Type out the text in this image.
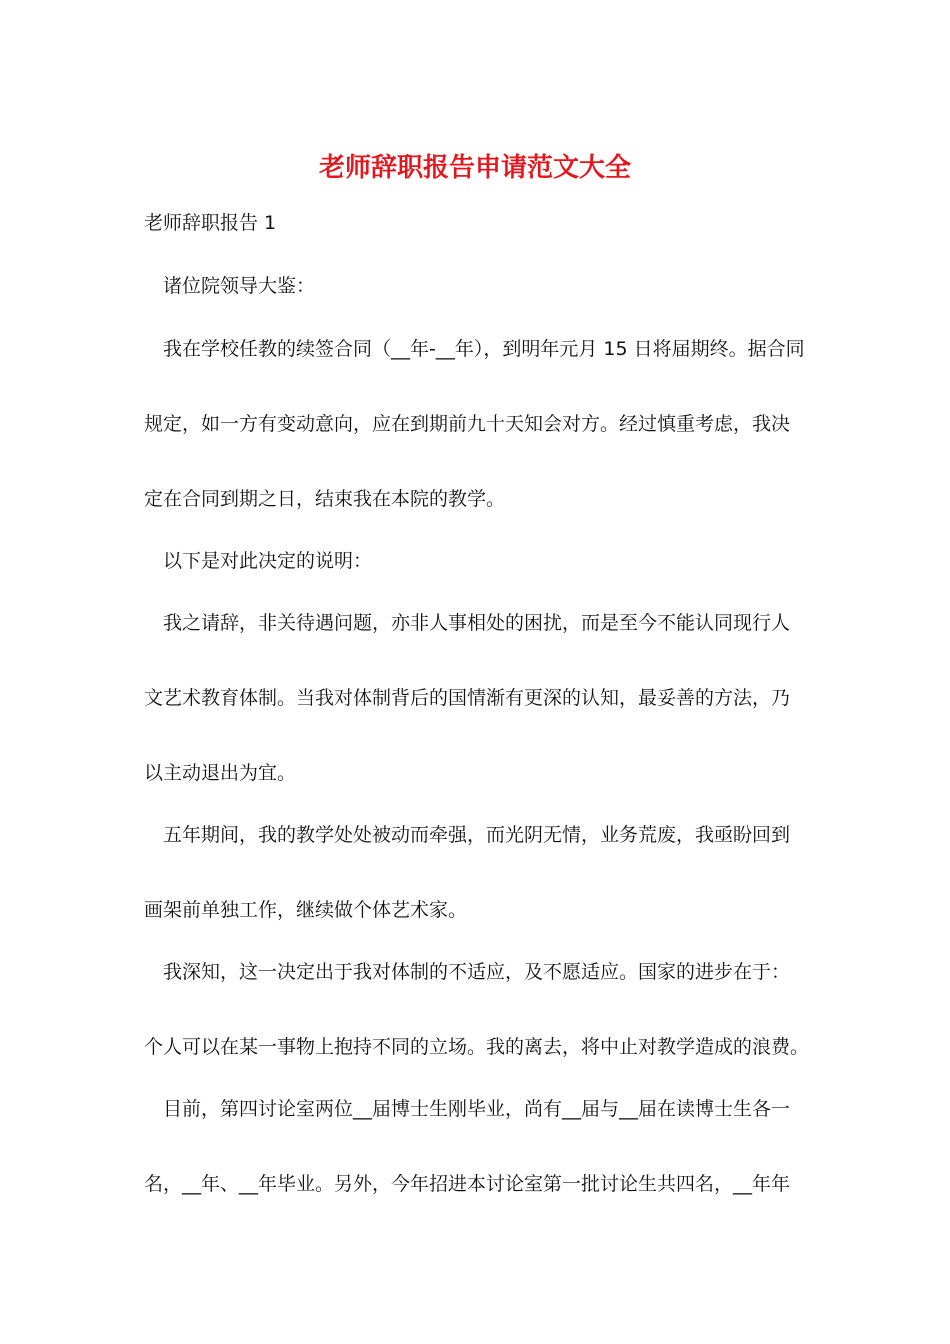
老师辞职报告申请范文大全

老师辞职报告 1

诸位院领导大鉴：

我在学校任教的续签合同（__年-__年），到明年元月 15 日将届期终。据合同

规定，如一方有变动意向，应在到期前九十天知会对方。经过慎重考虑，我决

定在合同到期之日，结束我在本院的教学。

以下是对此决定的说明：

我之请辞，非关待遇问题，亦非人事相处的困扰，而是至今不能认同现行人

文艺术教育体制。当我对体制背后的国情渐有更深的认知，最妥善的方法，乃

以主动退出为宜。

五年期间，我的教学处处被动而牵强，而光阴无情，业务荒废，我亟盼回到

画架前单独工作，继续做个体艺术家。

我深知，这一决定出于我对体制的不适应，及不愿适应。国家的进步在于：

个人可以在某一事物上抱持不同的立场。我的离去，将中止对教学造成的浪费。

目前，第四讨论室两位__届博士生刚毕业，尚有__届与__届在读博士生各一

名，__年、__年毕业。另外，今年招进本讨论室第一批讨论生共四名，__年年
